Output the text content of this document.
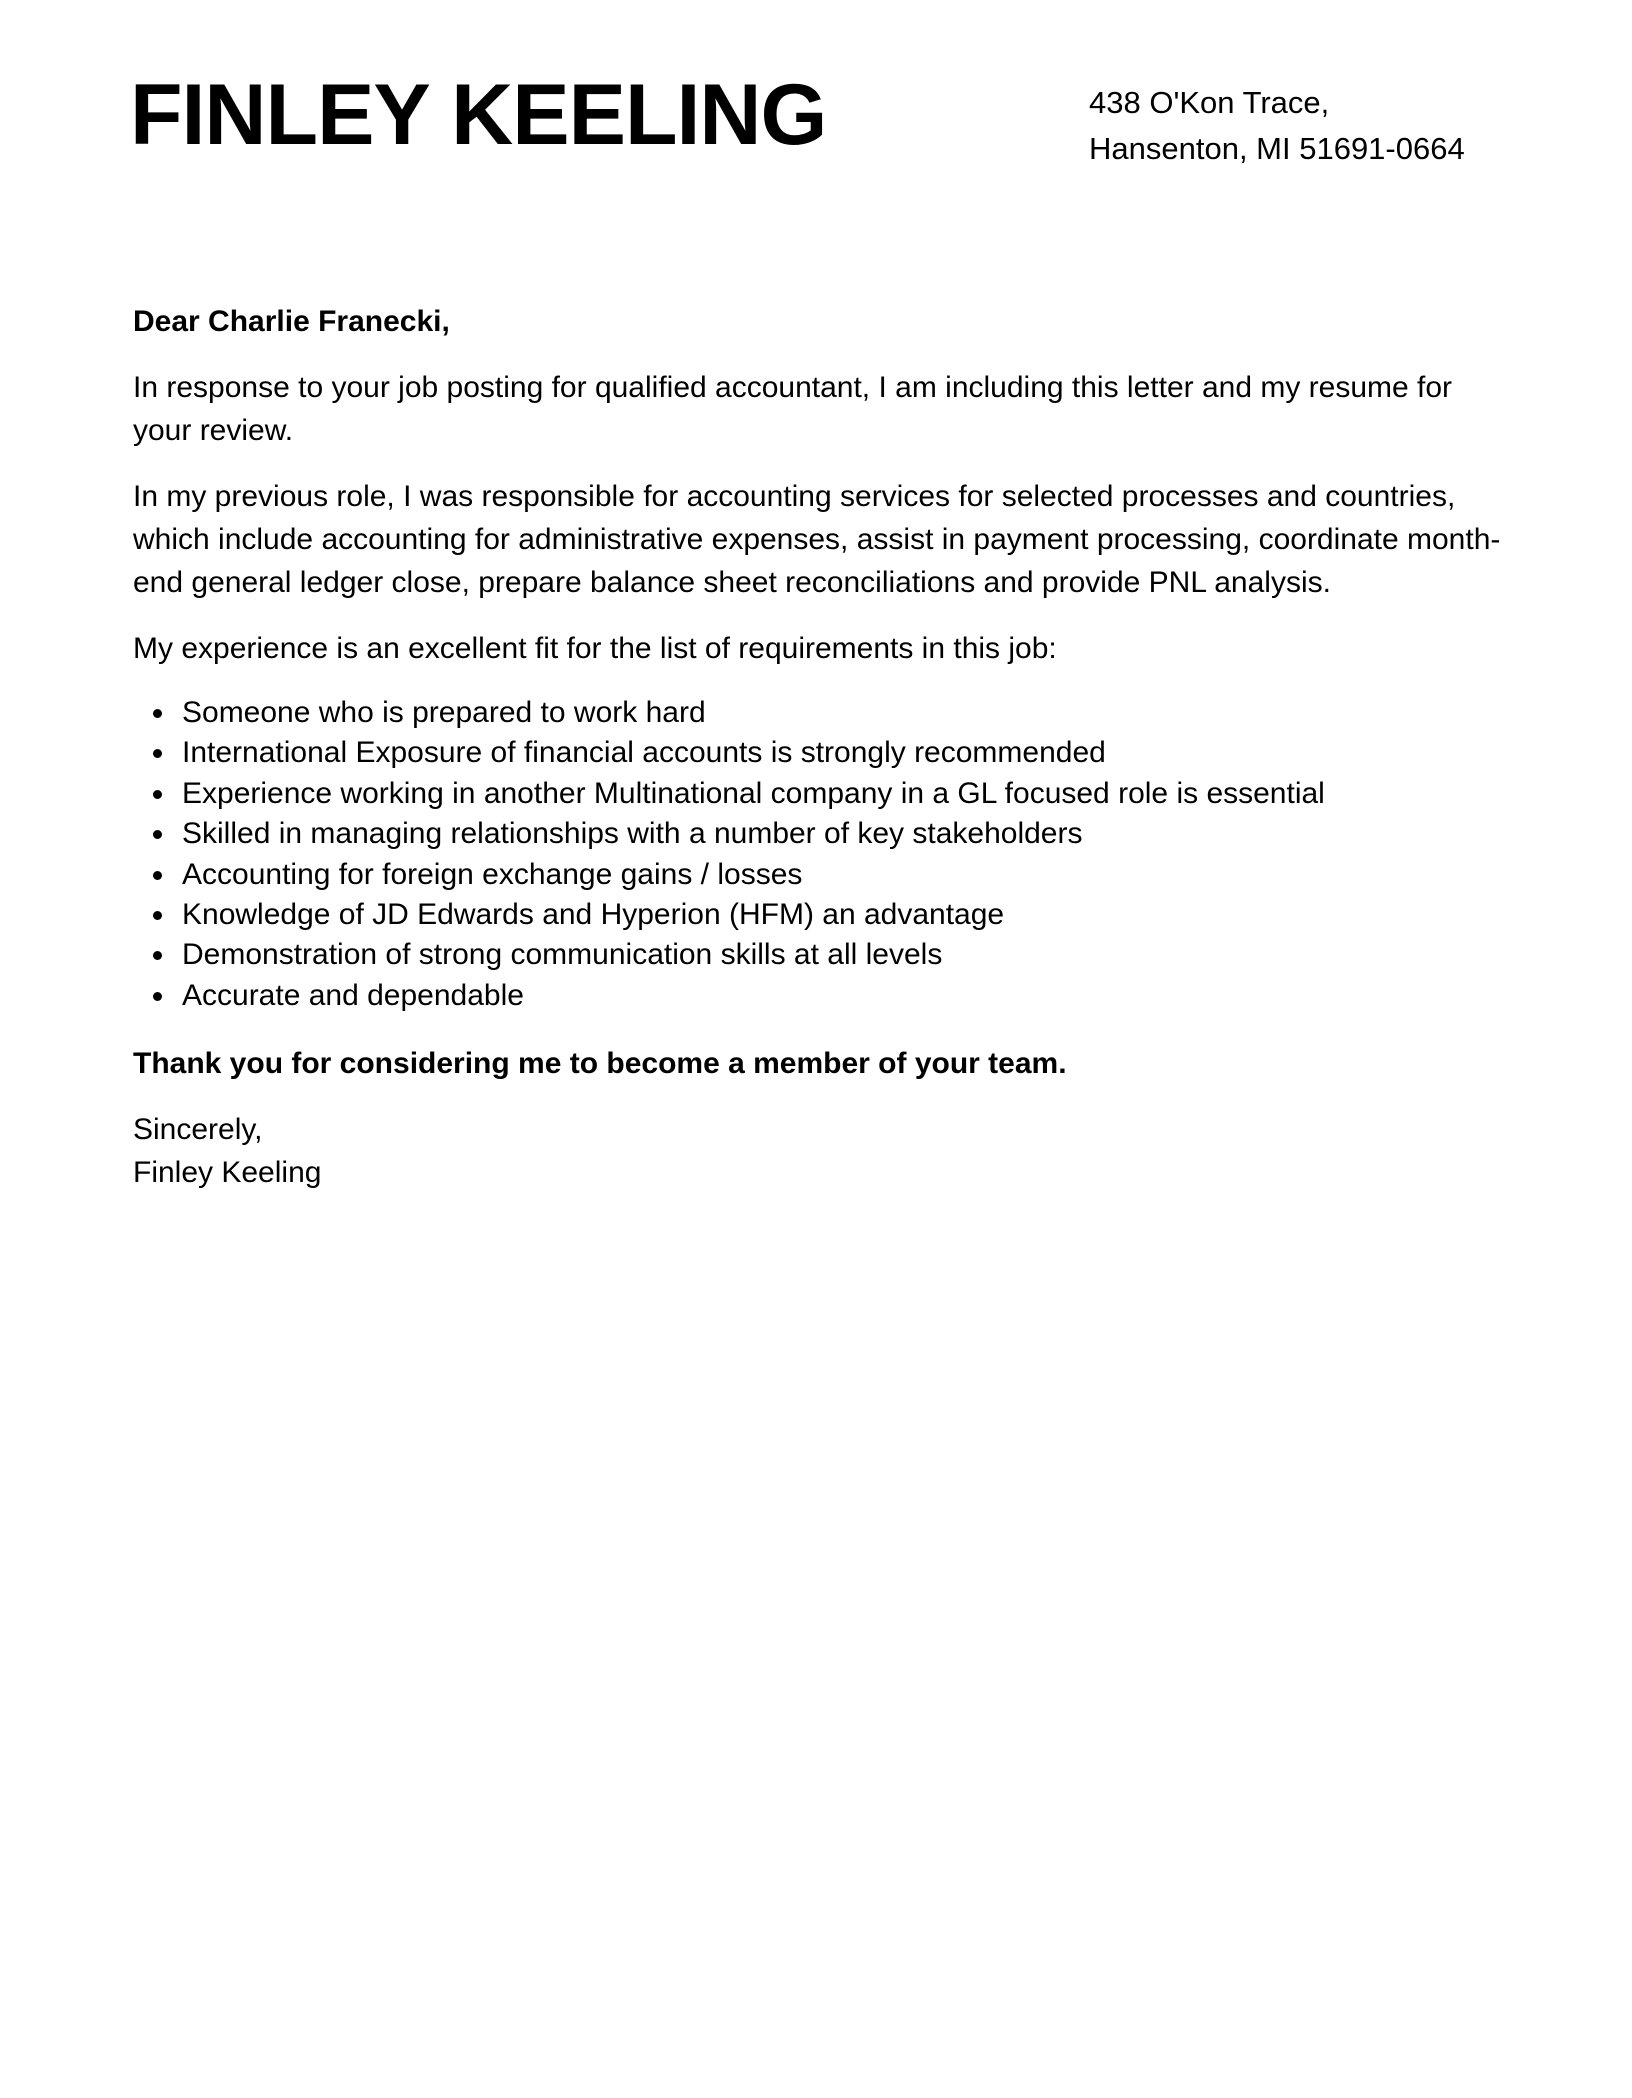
FINLEY KEELING	438 O'Kon Trace,
Hansenton, MI 51691-0664

Dear Charlie Franecki,

In response to your job posting for qualified accountant, I am including this letter and my resume for your review.

In my previous role, I was responsible for accounting services for selected processes and countries, which include accounting for administrative expenses, assist in payment processing, coordinate month-end general ledger close, prepare balance sheet reconciliations and provide PNL analysis.

My experience is an excellent fit for the list of requirements in this job:

Someone who is prepared to work hard
International Exposure of financial accounts is strongly recommended
Experience working in another Multinational company in a GL focused role is essential
Skilled in managing relationships with a number of key stakeholders
Accounting for foreign exchange gains / losses
Knowledge of JD Edwards and Hyperion (HFM) an advantage
Demonstration of strong communication skills at all levels
Accurate and dependable

Thank you for considering me to become a member of your team.

Sincerely,
Finley Keeling
